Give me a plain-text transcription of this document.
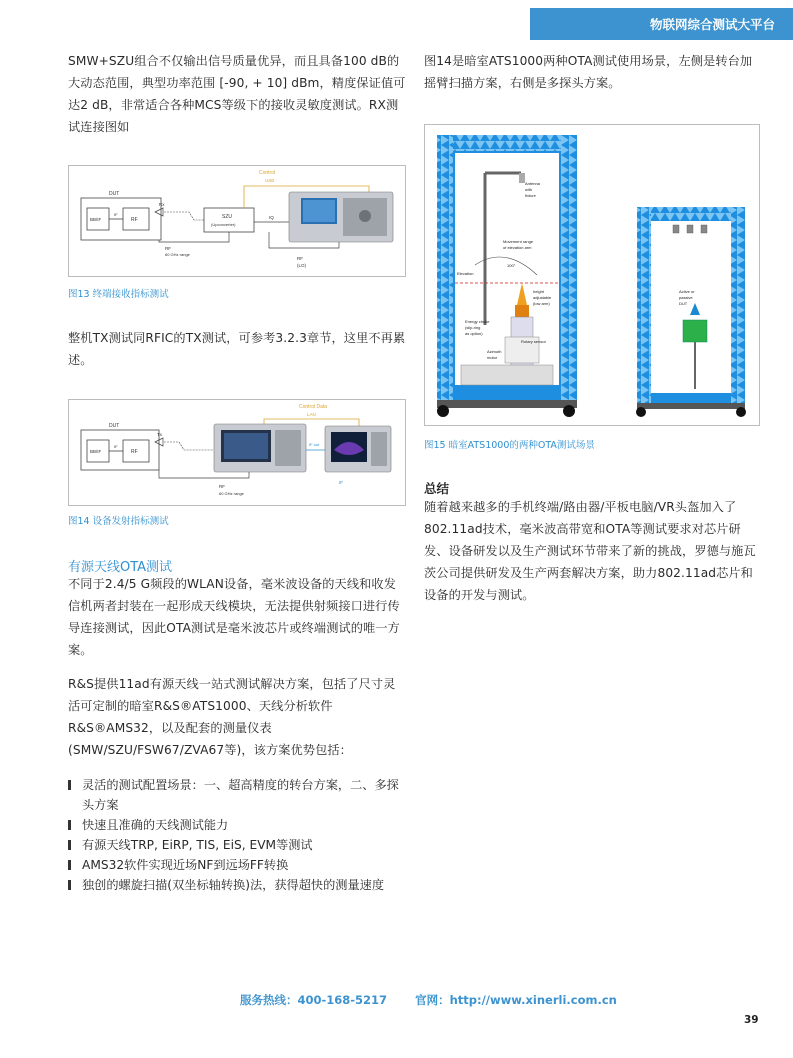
物联网综合测试大平台

SMW+SZU组合不仅输出信号质量优异，而且具备100 dB的大动态范围，典型功率范围 [-90, + 10] dBm，精度保证值可达2 dB，非常适合各种MCS等级下的接收灵敏度测试。RX测试连接图如

DUT
BB/IF	RF
IF
Rx
SZU
(Upconverter)
IQ
Control
USB
RF
60 GHz range
RF
(LO)
图13 终端接收指标测试

整机TX测试同RFIC的TX测试，可参考3.2.3章节，这里不再累述。

DUT
BB/IF	RF
IF
Tx
Control Data
LAN
IF out
IF
RF
60 GHz range
图14 设备发射指标测试
有源天线OTA测试

不同于2.4/5 G频段的WLAN设备，毫米波设备的天线和收发信机两者封装在一起形成天线模块，无法提供射频接口进行传导连接测试，因此OTA测试是毫米波芯片或终端测试的唯一方案。

R&S提供11ad有源天线一站式测试解决方案，包括了尺寸灵活可定制的暗室R&S®ATS1000、天线分析软件R&S®AMS32，以及配套的测量仪表 (SMW/SZU/FSW67/ZVA67等)，该方案优势包括：

灵活的测试配置场景：一、超高精度的转台方案，二、多探头方案
快速且准确的天线测试能力
有源天线TRP, EiRP, TIS, EiS, EVM等测试
AMS32软件实现近场NF到远场FF转换
独创的螺旋扫描(双坐标轴转换)法，获得超快的测量速度

图14是暗室ATS1000两种OTA测试使用场景，左侧是转台加摇臂扫描方案，右侧是多探头方案。

Antenna
with
fixture
Movement range
of elevation arm
100°
Elevation
height
adjustable
(low arm)
Energy choke
(slip-ring
as option)
Rotary sensor
Azimuth
motor
Active or
passive
DUT
图15 暗室ATS1000的两种OTA测试场景
总结

随着越来越多的手机终端/路由器/平板电脑/VR头盔加入了802.11ad技术，毫米波高带宽和OTA等测试要求对芯片研发、设备研发以及生产测试环节带来了新的挑战，罗德与施瓦茨公司提供研发及生产两套解决方案，助力802.11ad芯片和设备的开发与测试。

服务热线：400-168-5217 官网：http://www.xinerli.com.cn
39
